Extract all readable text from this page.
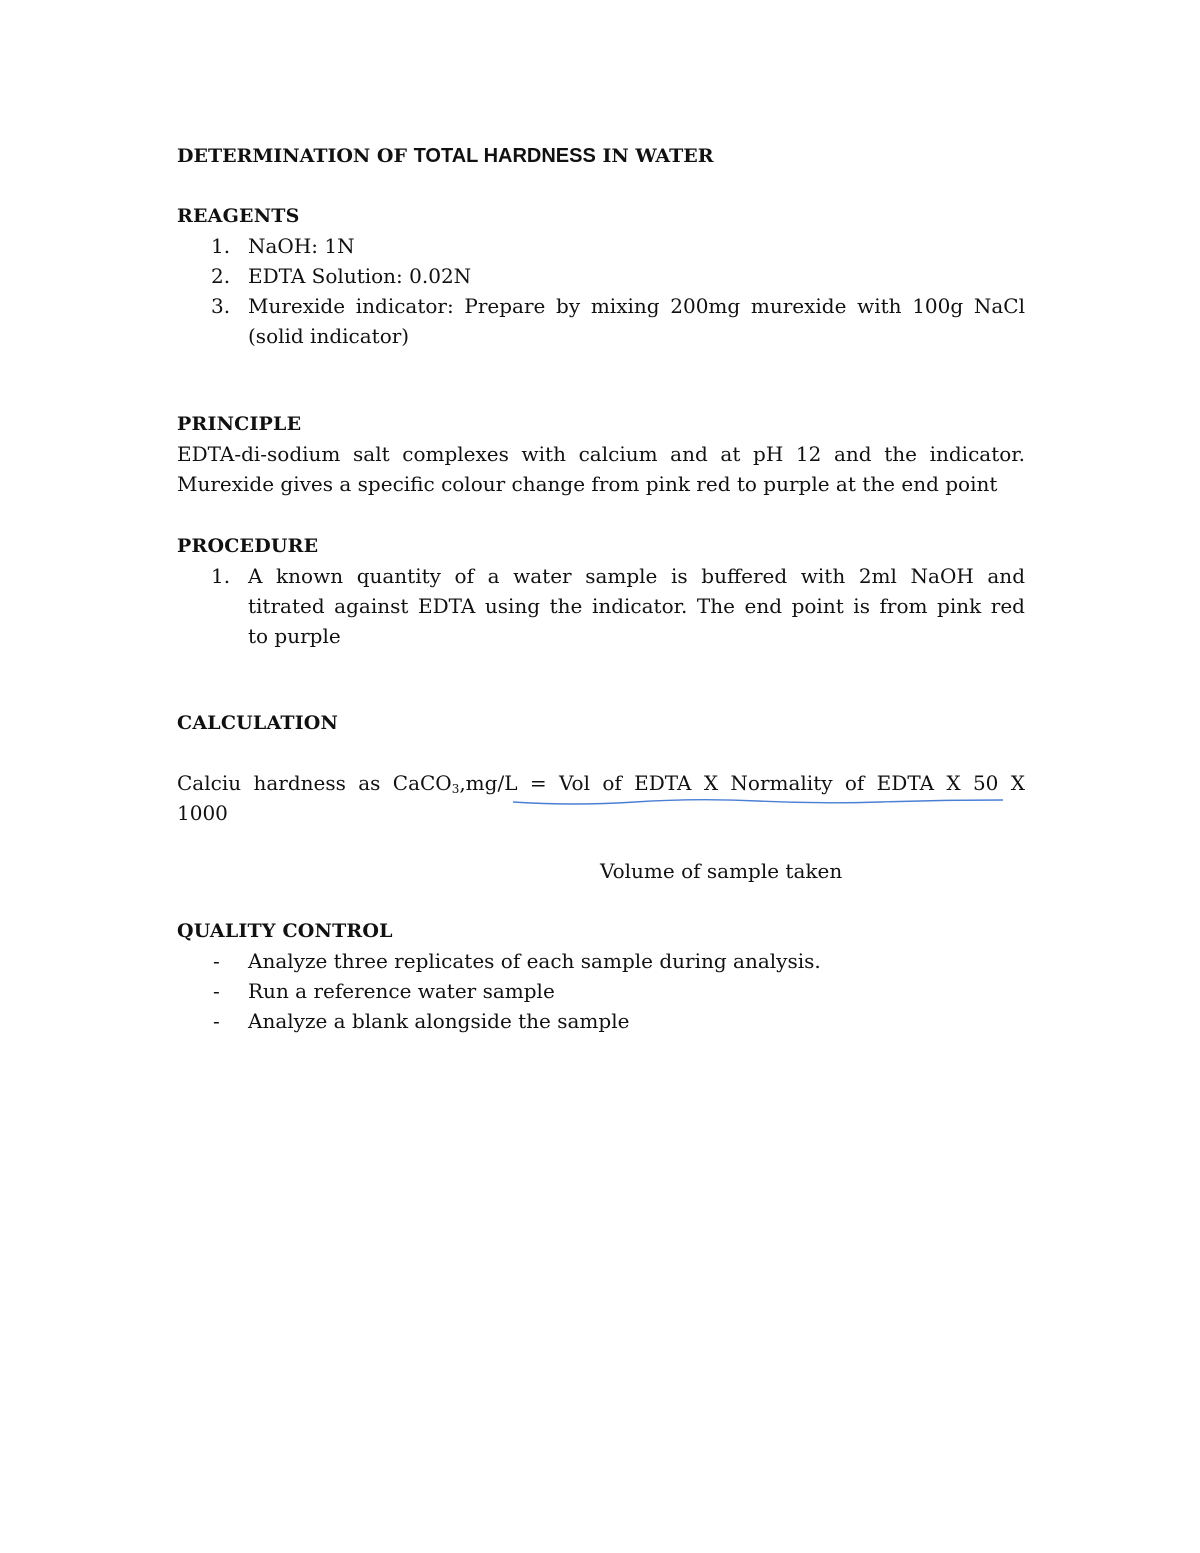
DETERMINATION OF TOTAL HARDNESS IN WATER
REAGENTS
1. NaOH: 1N
2. EDTA Solution: 0.02N
3. Murexide indicator: Prepare by mixing 200mg murexide with 100g NaCl
(solid indicator)
PRINCIPLE
EDTA-di-sodium salt complexes with calcium and at pH 12 and the indicator.
Murexide gives a specific colour change from pink red to purple at the end point
PROCEDURE
1. A known quantity of a water sample is buffered with 2ml NaOH and
titrated against EDTA using the indicator. The end point is from pink red
to purple
CALCULATION
Calciu hardness as CaCO$_3$,mg/L = Vol of EDTA X Normality of EDTA X 50 X
1000
Volume of sample taken
QUALITY CONTROL
- Analyze three replicates of each sample during analysis.
- Run a reference water sample
- Analyze a blank alongside the sample
